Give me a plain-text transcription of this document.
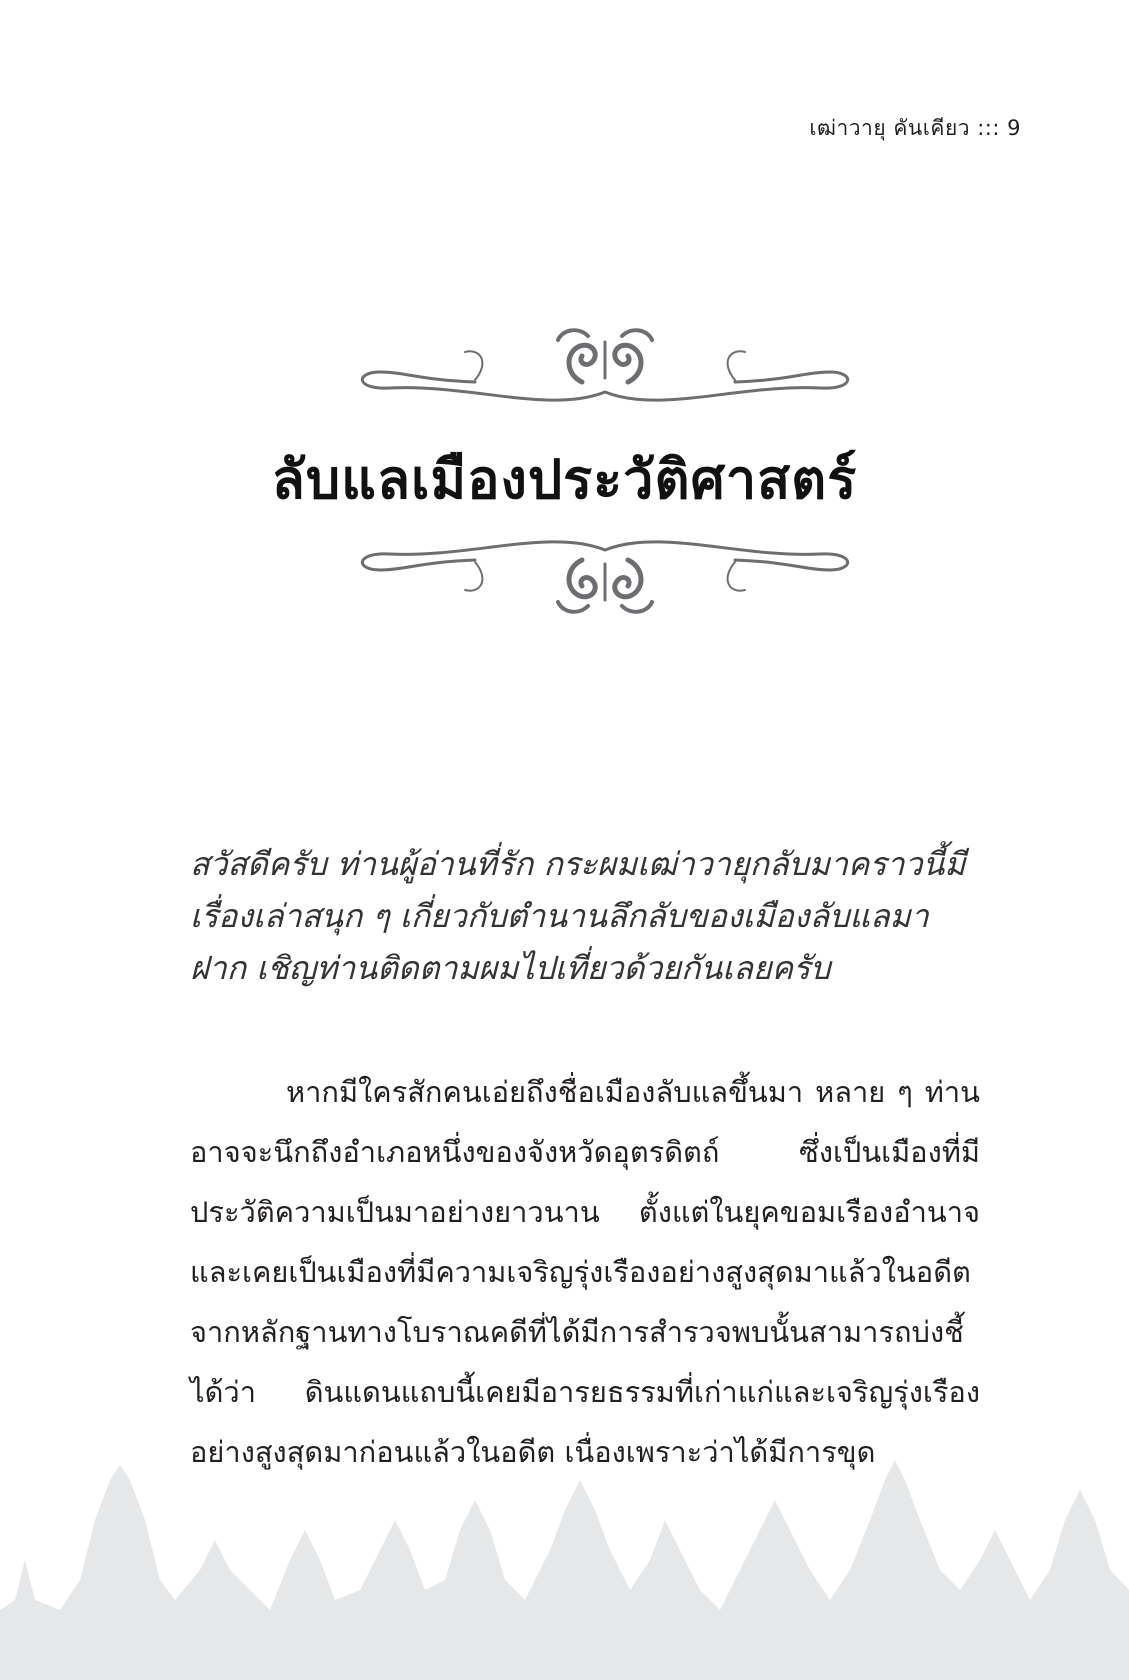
เฒ่าวายุ คันเคียว ::: 9
ลับแลเมืองประวัติศาสตร์

สวัสดีครับ ท่านผู้อ่านที่รัก กระผมเฒ่าวายุกลับมาคราวนี้มีเรื่องเล่าสนุก ๆ เกี่ยวกับตำนานลึกลับของเมืองลับแลมาฝาก เชิญท่านติดตามผมไปเที่ยวด้วยกันเลยครับ

หากมีใครสักคนเอ่ยถึงชื่อเมืองลับแลขึ้นมา หลาย ๆ ท่านอาจจะนึกถึงอำเภอหนึ่งของจังหวัดอุตรดิตถ์ ซึ่งเป็นเมืองที่มีประวัติความเป็นมาอย่างยาวนาน ตั้งแต่ในยุคขอมเรืองอำนาจ และเคยเป็นเมืองที่มีความเจริญรุ่งเรืองอย่างสูงสุดมาแล้วในอดีต จากหลักฐานทางโบราณคดีที่ได้มีการสำรวจพบนั้นสามารถบ่งชี้ได้ว่า ดินแดนแถบนี้เคยมีอารยธรรมที่เก่าแก่และเจริญรุ่งเรืองอย่างสูงสุดมาก่อนแล้วในอดีต เนื่องเพราะว่าได้มีการขุด
